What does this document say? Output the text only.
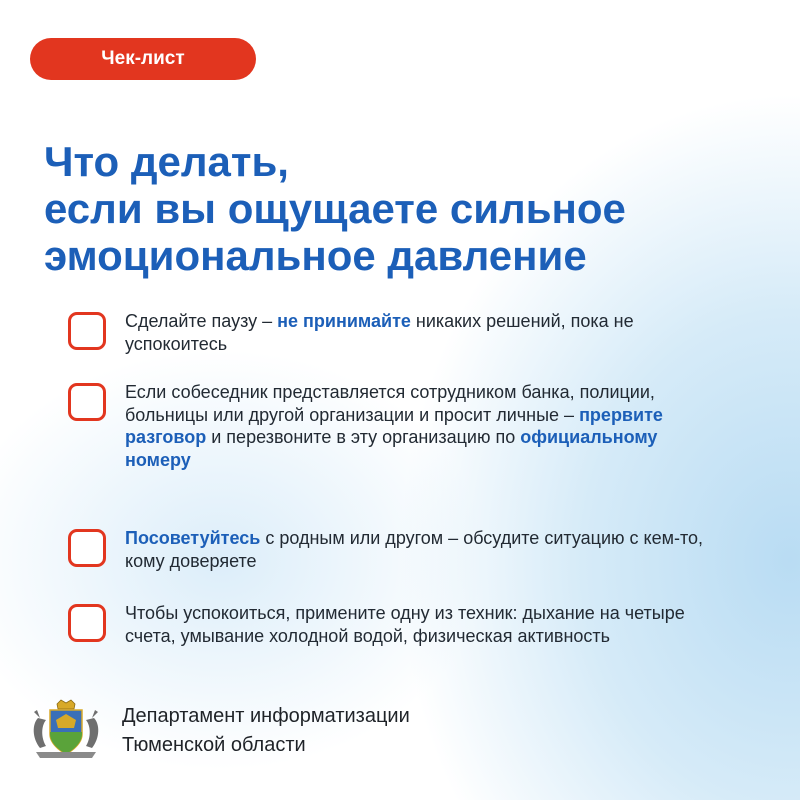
Чек-лист
Что делать,
если вы ощущаете сильное
эмоциональное давление
Сделайте паузу – не принимайте никаких решений, пока не успокоитесь
Если собеседник представляется сотрудником банка, полиции, больницы или другой организации и просит личные – прервите разговор и перезвоните в эту организацию по официальному номеру
Посоветуйтесь с родным или другом – обсудите ситуацию с кем-то, кому доверяете
Чтобы успокоиться, примените одну из техник: дыхание на четыре счета, умывание холодной водой, физическая активность
Департамент информатизации
Тюменской области
